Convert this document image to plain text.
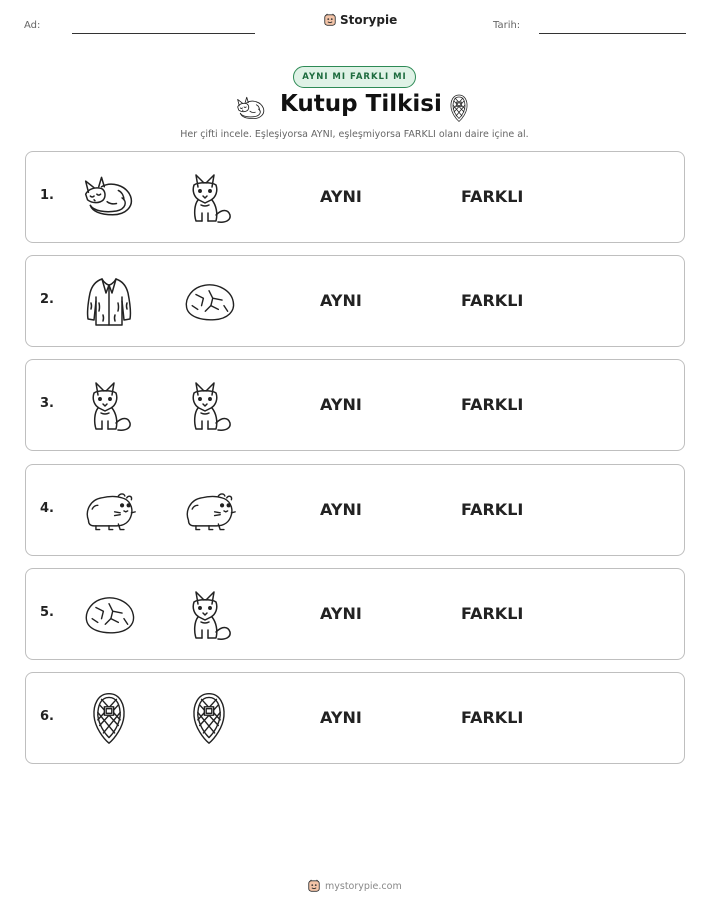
Ad:	Storypie	Tarih:
AYNI MI FARKLI MI
Kutup Tilkisi
Her çifti incele. Eşleşiyorsa AYNI, eşleşmiyorsa FARKLI olanı daire içine al.
1.	AYNI	FARKLI
2.	AYNI	FARKLI
3.	AYNI	FARKLI
4.	AYNI	FARKLI
5.	AYNI	FARKLI
6.	AYNI	FARKLI
mystorypie.com
